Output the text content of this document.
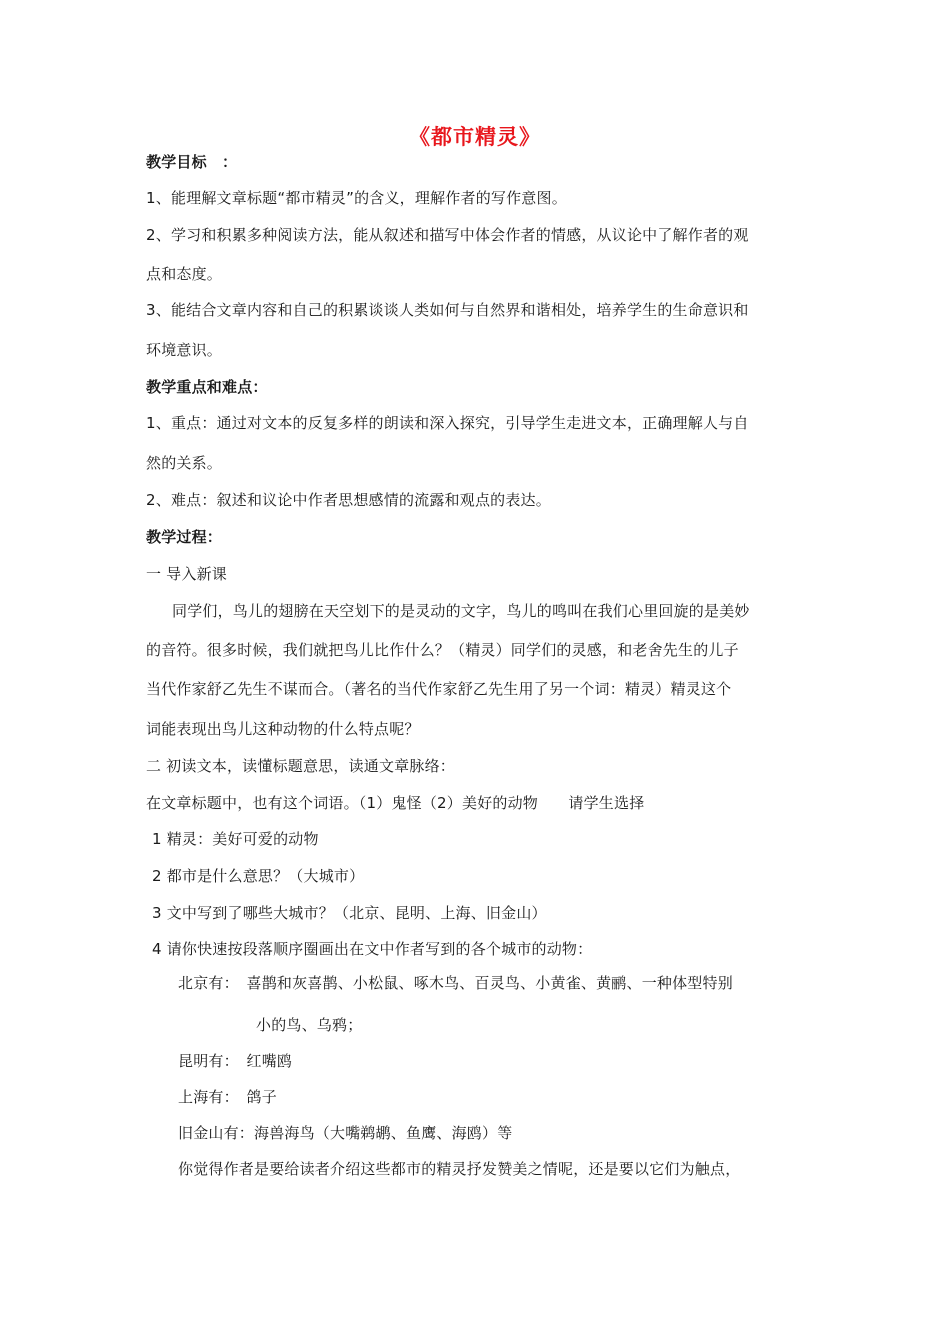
《都市精灵》
教学目标　：
1、能理解文章标题“都市精灵”的含义，理解作者的写作意图。
2、学习和积累多种阅读方法，能从叙述和描写中体会作者的情感，从议论中了解作者的观
点和态度。
3、能结合文章内容和自己的积累谈谈人类如何与自然界和谐相处，培养学生的生命意识和
环境意识。
教学重点和难点：
1、重点：通过对文本的反复多样的朗读和深入探究，引导学生走进文本，正确理解人与自
然的关系。
2、难点：叙述和议论中作者思想感情的流露和观点的表达。
教学过程：
一 导入新课
同学们，鸟儿的翅膀在天空划下的是灵动的文字，鸟儿的鸣叫在我们心里回旋的是美妙
的音符。很多时候，我们就把鸟儿比作什么？（精灵）同学们的灵感，和老舍先生的儿子
当代作家舒乙先生不谋而合。（著名的当代作家舒乙先生用了另一个词：精灵）精灵这个
词能表现出鸟儿这种动物的什么特点呢？
二 初读文本，读懂标题意思，读通文章脉络：
在文章标题中，也有这个词语。（1）鬼怪（2）美好的动物　　请学生选择
1 精灵：美好可爱的动物
2 都市是什么意思？（大城市）
3 文中写到了哪些大城市？（北京、昆明、上海、旧金山）
4 请你快速按段落顺序圈画出在文中作者写到的各个城市的动物：
北京有：　喜鹊和灰喜鹊、小松鼠、啄木鸟、百灵鸟、小黄雀、黄鹂、一种体型特别
小的鸟、乌鸦；
昆明有：　红嘴鸥
上海有：　鸽子
旧金山有：海兽海鸟（大嘴鹈鹕、鱼鹰、海鸥）等
你觉得作者是要给读者介绍这些都市的精灵抒发赞美之情呢，还是要以它们为触点，
